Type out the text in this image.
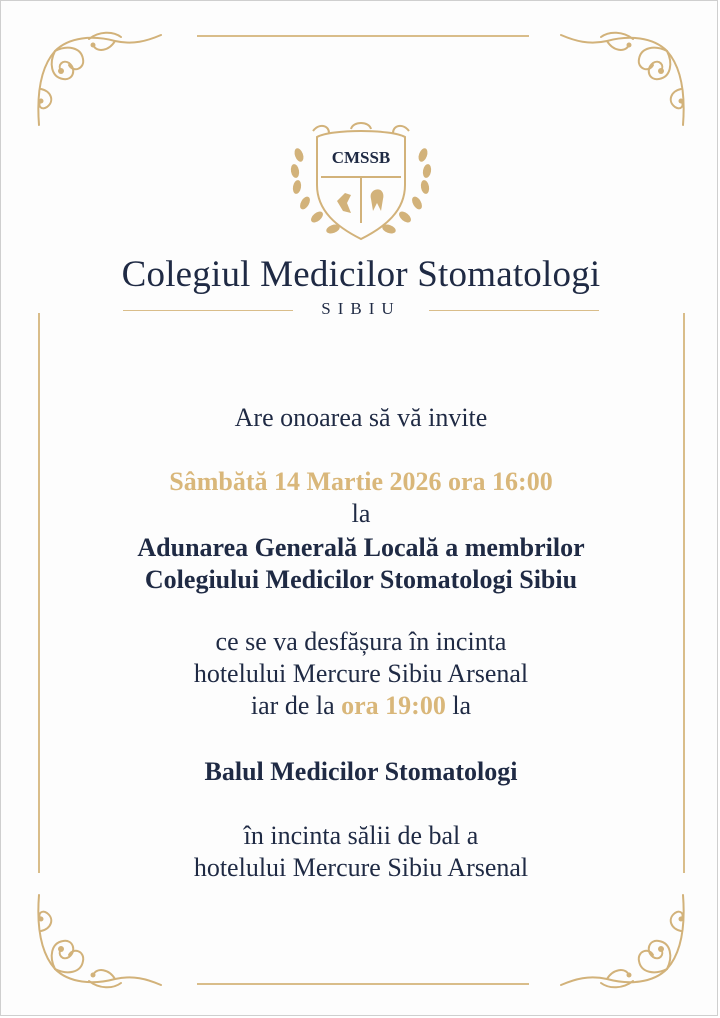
CMSSB
Colegiul Medicilor Stomatologi
SIBIU
Are onoarea să vă invite
Sâmbătă 14 Martie 2026 ora 16:00
la
Adunarea Generală Locală a membrilor
Colegiului Medicilor Stomatologi Sibiu
ce se va desfășura în incinta
hotelului Mercure Sibiu Arsenal
iar de la ora 19:00 la
Balul Medicilor Stomatologi
în incinta sălii de bal a
hotelului Mercure Sibiu Arsenal
